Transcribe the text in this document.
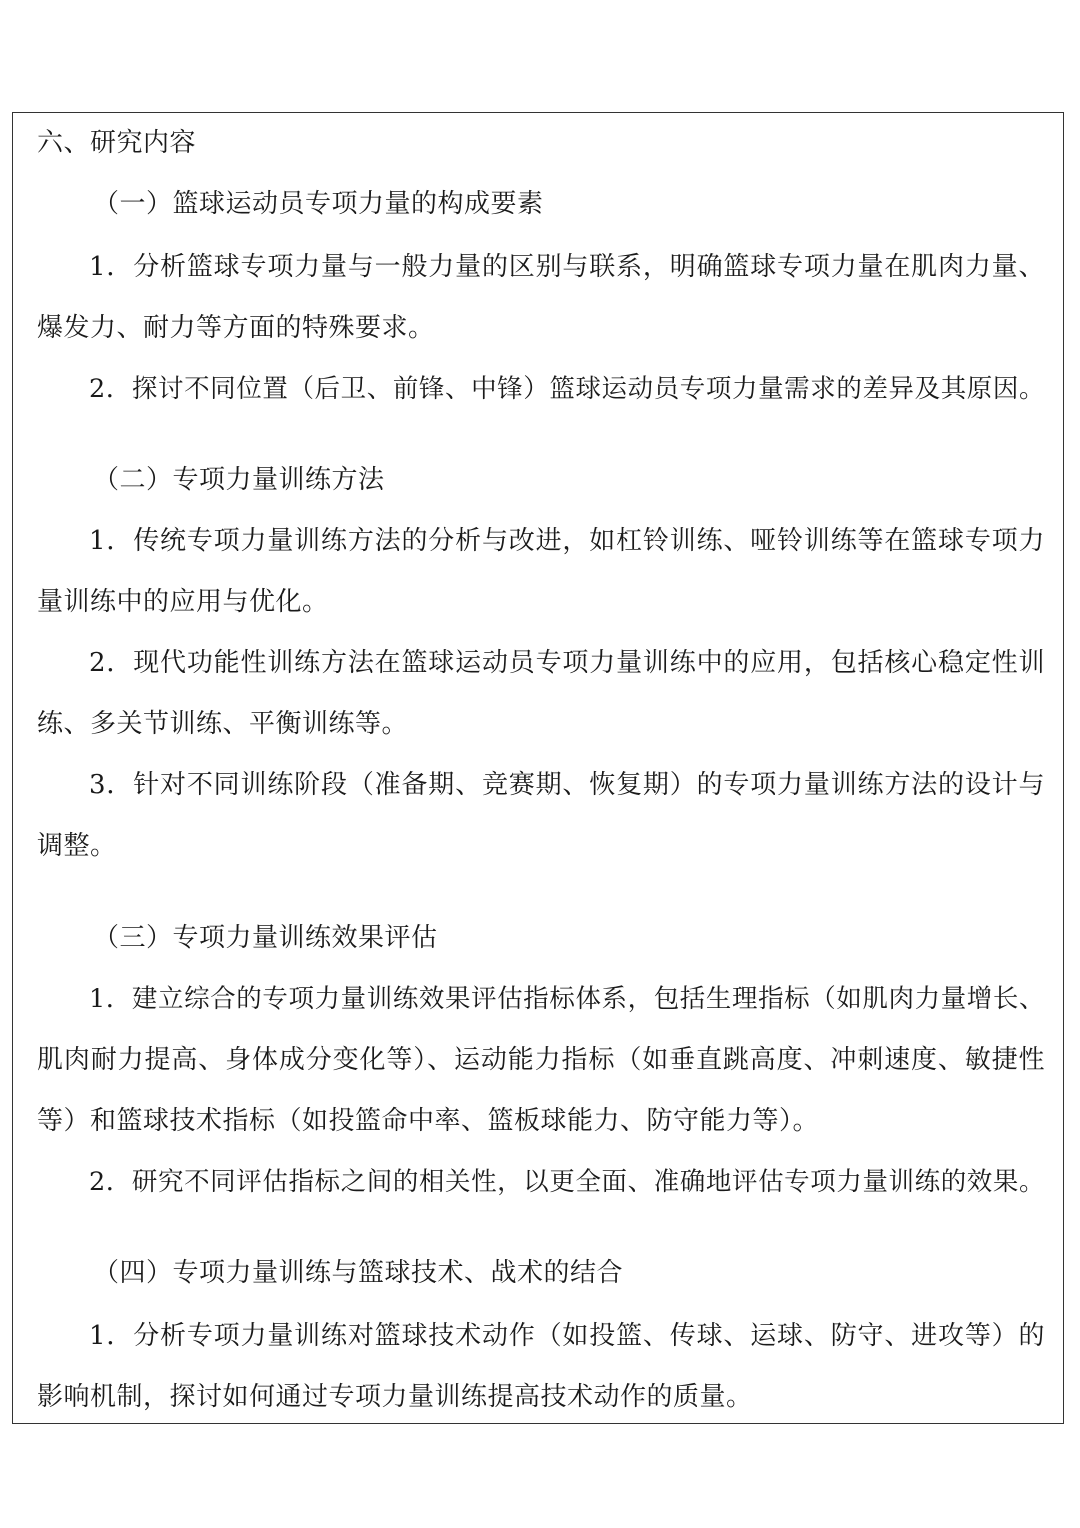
六、研究内容
（一）篮球运动员专项力量的构成要素
1．分析篮球专项力量与一般力量的区别与联系，明确篮球专项力量在肌肉力量、
爆发力、耐力等方面的特殊要求。
2．探讨不同位置（后卫、前锋、中锋）篮球运动员专项力量需求的差异及其原因。
（二）专项力量训练方法
1．传统专项力量训练方法的分析与改进，如杠铃训练、哑铃训练等在篮球专项力
量训练中的应用与优化。
2．现代功能性训练方法在篮球运动员专项力量训练中的应用，包括核心稳定性训
练、多关节训练、平衡训练等。
3．针对不同训练阶段（准备期、竞赛期、恢复期）的专项力量训练方法的设计与
调整。
（三）专项力量训练效果评估
1．建立综合的专项力量训练效果评估指标体系，包括生理指标（如肌肉力量增长、
肌肉耐力提高、身体成分变化等）、运动能力指标（如垂直跳高度、冲刺速度、敏捷性
等）和篮球技术指标（如投篮命中率、篮板球能力、防守能力等）。
2．研究不同评估指标之间的相关性，以更全面、准确地评估专项力量训练的效果。
（四）专项力量训练与篮球技术、战术的结合
1．分析专项力量训练对篮球技术动作（如投篮、传球、运球、防守、进攻等）的
影响机制，探讨如何通过专项力量训练提高技术动作的质量。
